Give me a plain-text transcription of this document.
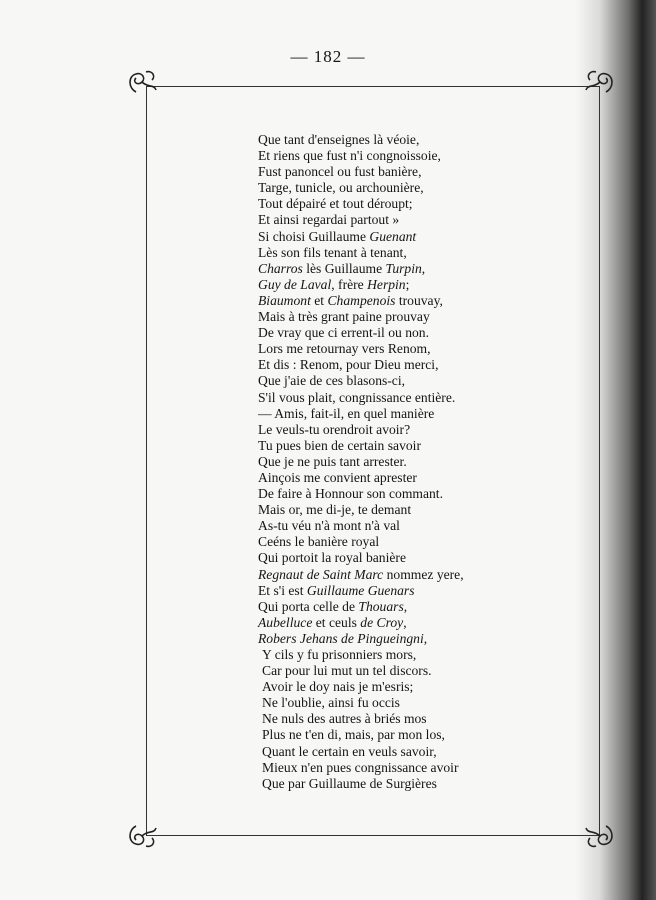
— 182 —
Que tant d'enseignes là véoie,
Et riens que fust n'i congnoissoie,
Fust panoncel ou fust banière,
Targe, tunicle, ou archounière,
Tout dépairé et tout déroupt;
Et ainsi regardai partout »
Si choisi Guillaume Guenant
Lès son fils tenant à tenant,
Charros lès Guillaume Turpin,
Guy de Laval, frère Herpin;
Biaumont et Champenois trouvay,
Mais à très grant paine prouvay
De vray que ci errent-il ou non.
Lors me retournay vers Renom,
Et dis : Renom, pour Dieu merci,
Que j'aie de ces blasons-ci,
S'il vous plait, congnissance entière.
— Amis, fait-il, en quel manière
Le veuls-tu orendroit avoir?
Tu pues bien de certain savoir
Que je ne puis tant arrester.
Ainçois me convient aprester
De faire à Honnour son commant.
Mais or, me di-je, te demant
As-tu véu n'à mont n'à val
Ceéns le banière royal
Qui portoit la royal banière
Regnaut de Saint Marc nommez yere,
Et s'i est Guillaume Guenars
Qui porta celle de Thouars,
Aubelluce et ceuls de Croy,
Robers Jehans de Pingueingni,
Y cils y fu prisonniers mors,
Car pour lui mut un tel discors.
Avoir le doy nais je m'esris;
Ne l'oublie, ainsi fu occis
Ne nuls des autres à briés mos
Plus ne t'en di, mais, par mon los,
Quant le certain en veuls savoir,
Mieux n'en pues congnissance avoir
Que par Guillaume de Surgières
